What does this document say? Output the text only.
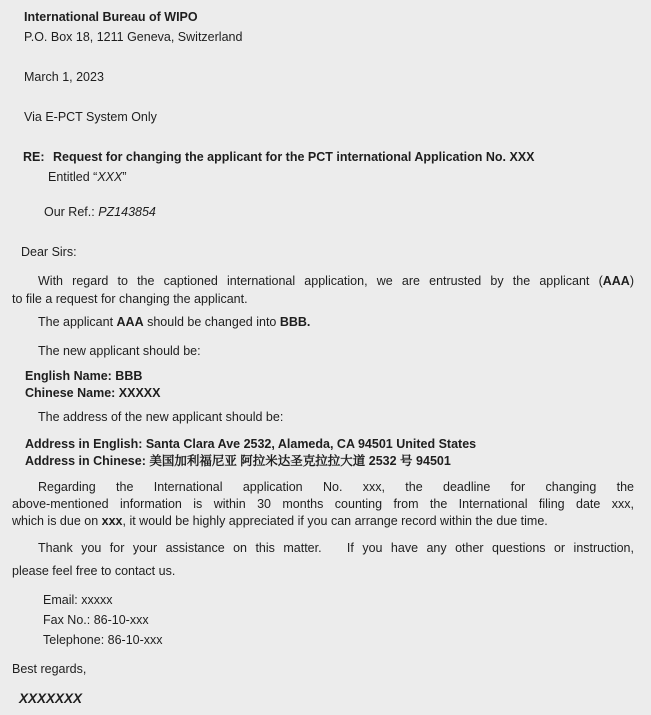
International Bureau of WIPO
P.O. Box 18, 1211 Geneva, Switzerland
March 1, 2023
Via E-PCT System Only
RE: Request for changing the applicant for the PCT international Application No. XXX
Entitled “XXX”
Our Ref.: PZ143854
Dear Sirs:
With regard to the captioned international application, we are entrusted by the applicant (AAA)
to file a request for changing the applicant.
The applicant AAA should be changed into BBB.
The new applicant should be:
English Name: BBB
Chinese Name: XXXXX
The address of the new applicant should be:
Address in English: Santa Clara Ave 2532, Alameda, CA 94501 United States
Address in Chinese: 美国加利福尼亚 阿拉米达圣克拉拉大道 2532 号 94501
Regarding the International application No. xxx, the deadline for changing the
above-mentioned information is within 30 months counting from the International filing date xxx,
which is due on xxx, it would be highly appreciated if you can arrange record within the due time.
Thank you for your assistance on this matter.   If you have any other questions or instruction,
please feel free to contact us.
Email: xxxxx
Fax No.: 86-10-xxx
Telephone: 86-10-xxx
Best regards,
XXXXXXX
